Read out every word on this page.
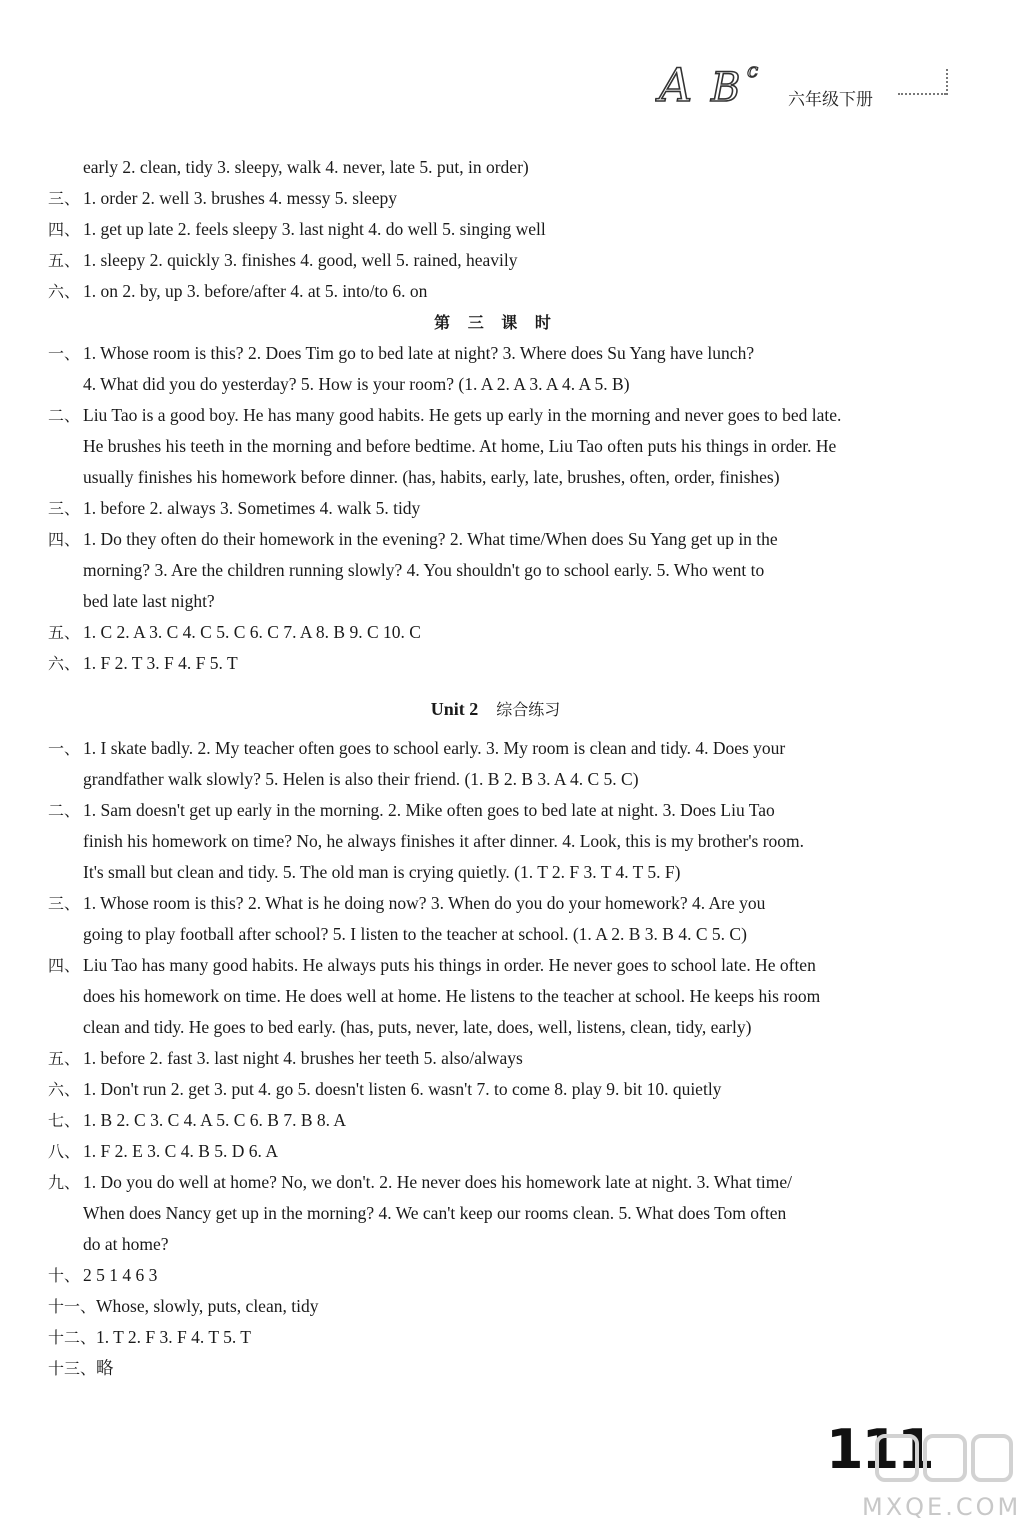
A B c
六年级下册
early 2. clean, tidy 3. sleepy, walk 4. never, late 5. put, in order)
三、 1. order 2. well 3. brushes 4. messy 5. sleepy
四、 1. get up late 2. feels sleepy 3. last night 4. do well 5. singing well
五、 1. sleepy 2. quickly 3. finishes 4. good, well 5. rained, heavily
六、 1. on 2. by, up 3. before/after 4. at 5. into/to 6. on
第 三 课 时
一、 1. Whose room is this? 2. Does Tim go to bed late at night? 3. Where does Su Yang have lunch?
4. What did you do yesterday? 5. How is your room? (1. A 2. A 3. A 4. A 5. B)
二、 Liu Tao is a good boy. He has many good habits. He gets up early in the morning and never goes to bed late.
He brushes his teeth in the morning and before bedtime. At home, Liu Tao often puts his things in order. He
usually finishes his homework before dinner. (has, habits, early, late, brushes, often, order, finishes)
三、 1. before 2. always 3. Sometimes 4. walk 5. tidy
四、 1. Do they often do their homework in the evening? 2. What time/When does Su Yang get up in the
morning? 3. Are the children running slowly? 4. You shouldn't go to school early. 5. Who went to
bed late last night?
五、 1. C 2. A 3. C 4. C 5. C 6. C 7. A 8. B 9. C 10. C
六、 1. F 2. T 3. F 4. F 5. T
Unit 2 综合练习
一、 1. I skate badly. 2. My teacher often goes to school early. 3. My room is clean and tidy. 4. Does your
grandfather walk slowly? 5. Helen is also their friend. (1. B 2. B 3. A 4. C 5. C)
二、 1. Sam doesn't get up early in the morning. 2. Mike often goes to bed late at night. 3. Does Liu Tao
finish his homework on time? No, he always finishes it after dinner. 4. Look, this is my brother's room.
It's small but clean and tidy. 5. The old man is crying quietly. (1. T 2. F 3. T 4. T 5. F)
三、 1. Whose room is this? 2. What is he doing now? 3. When do you do your homework? 4. Are you
going to play football after school? 5. I listen to the teacher at school. (1. A 2. B 3. B 4. C 5. C)
四、 Liu Tao has many good habits. He always puts his things in order. He never goes to school late. He often
does his homework on time. He does well at home. He listens to the teacher at school. He keeps his room
clean and tidy. He goes to bed early. (has, puts, never, late, does, well, listens, clean, tidy, early)
五、 1. before 2. fast 3. last night 4. brushes her teeth 5. also/always
六、 1. Don't run 2. get 3. put 4. go 5. doesn't listen 6. wasn't 7. to come 8. play 9. bit 10. quietly
七、 1. B 2. C 3. C 4. A 5. C 6. B 7. B 8. A
八、 1. F 2. E 3. C 4. B 5. D 6. A
九、 1. Do you do well at home? No, we don't. 2. He never does his homework late at night. 3. What time/
When does Nancy get up in the morning? 4. We can't keep our rooms clean. 5. What does Tom often
do at home?
十、 2 5 1 4 6 3
十一、 Whose, slowly, puts, clean, tidy
十二、 1. T 2. F 3. F 4. T 5. T
十三、 略
111
MXQE.COM
